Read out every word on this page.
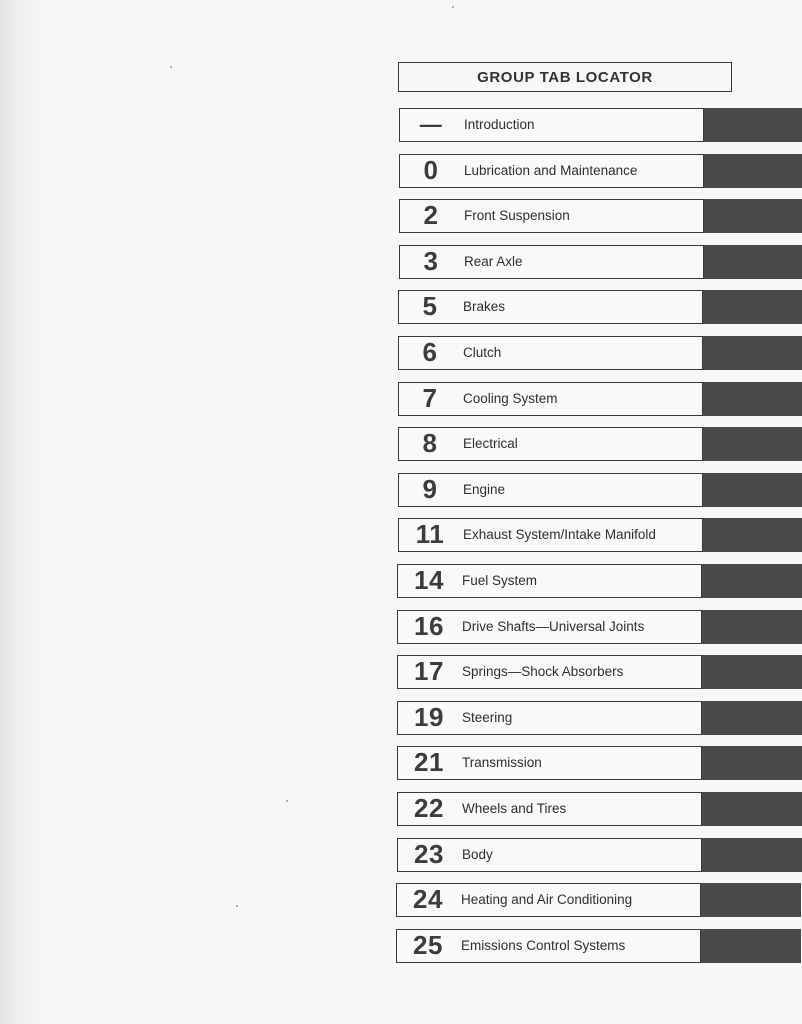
GROUP TAB LOCATOR
—	Introduction
0	Lubrication and Maintenance
2	Front Suspension
3	Rear Axle
5	Brakes
6	Clutch
7	Cooling System
8	Electrical
9	Engine
11	Exhaust System/Intake Manifold
14	Fuel System
16	Drive Shafts—Universal Joints
17	Springs—Shock Absorbers
19	Steering
21	Transmission
22	Wheels and Tires
23	Body
24	Heating and Air Conditioning
25	Emissions Control Systems
